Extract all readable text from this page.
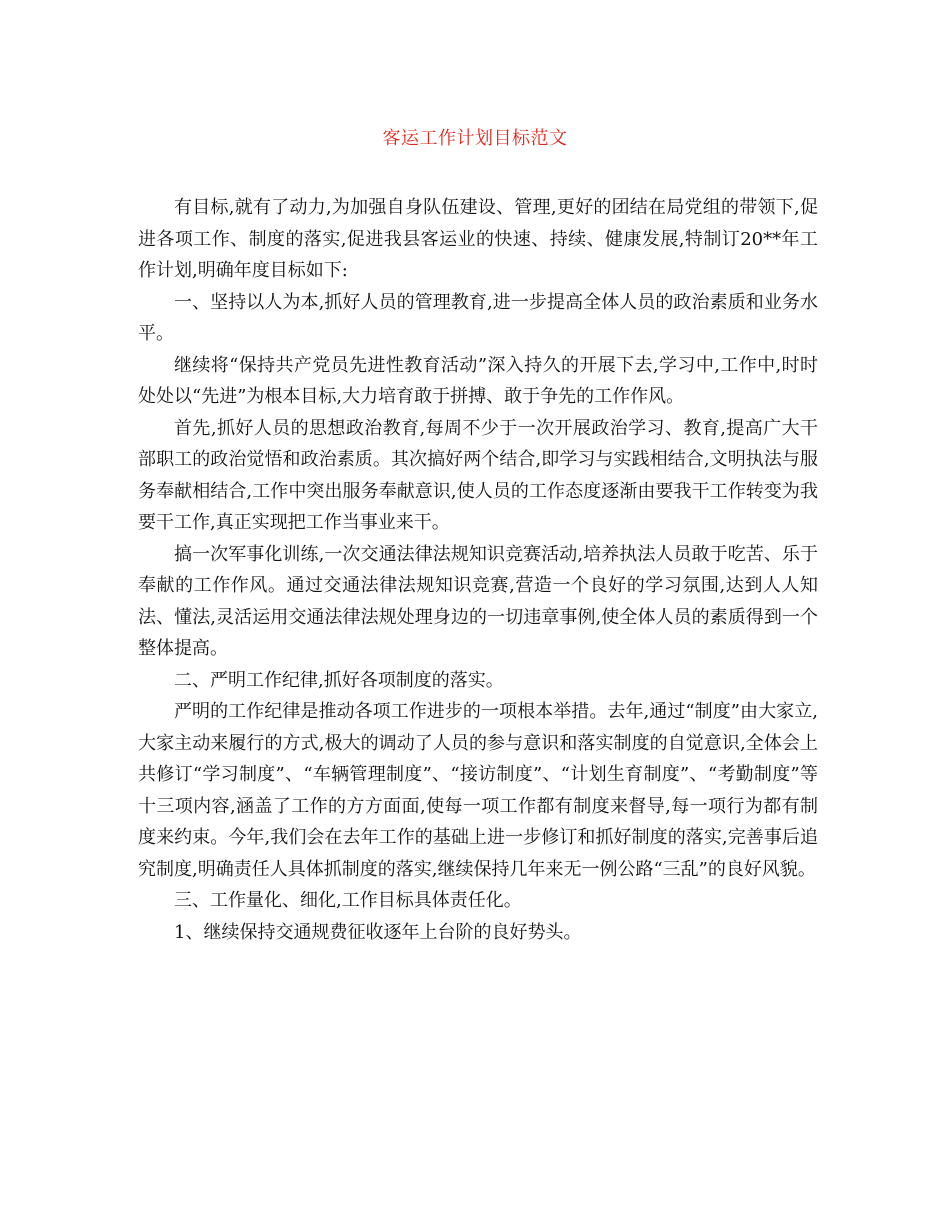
客运工作计划目标范文

有目标,就有了动力,为加强自身队伍建设、管理,更好的团结在局党组的带领下,促进各项工作、制度的落实,促进我县客运业的快速、持续、健康发展,特制订20**年工作计划,明确年度目标如下:

一、坚持以人为本,抓好人员的管理教育,进一步提高全体人员的政治素质和业务水平。

继续将“保持共产党员先进性教育活动”深入持久的开展下去,学习中,工作中,时时处处以“先进”为根本目标,大力培育敢于拼搏、敢于争先的工作作风。

首先,抓好人员的思想政治教育,每周不少于一次开展政治学习、教育,提高广大干部职工的政治觉悟和政治素质。其次搞好两个结合,即学习与实践相结合,文明执法与服务奉献相结合,工作中突出服务奉献意识,使人员的工作态度逐渐由要我干工作转变为我要干工作,真正实现把工作当事业来干。

搞一次军事化训练,一次交通法律法规知识竞赛活动,培养执法人员敢于吃苦、乐于奉献的工作作风。通过交通法律法规知识竞赛,营造一个良好的学习氛围,达到人人知法、懂法,灵活运用交通法律法规处理身边的一切违章事例,使全体人员的素质得到一个整体提高。

二、严明工作纪律,抓好各项制度的落实。

严明的工作纪律是推动各项工作进步的一项根本举措。去年,通过“制度”由大家立,大家主动来履行的方式,极大的调动了人员的参与意识和落实制度的自觉意识,全体会上共修订“学习制度”、“车辆管理制度”、“接访制度”、“计划生育制度”、“考勤制度”等十三项内容,涵盖了工作的方方面面,使每一项工作都有制度来督导,每一项行为都有制度来约束。今年,我们会在去年工作的基础上进一步修订和抓好制度的落实,完善事后追究制度,明确责任人具体抓制度的落实,继续保持几年来无一例公路“三乱”的良好风貌。

三、工作量化、细化,工作目标具体责任化。

1、继续保持交通规费征收逐年上台阶的良好势头。
